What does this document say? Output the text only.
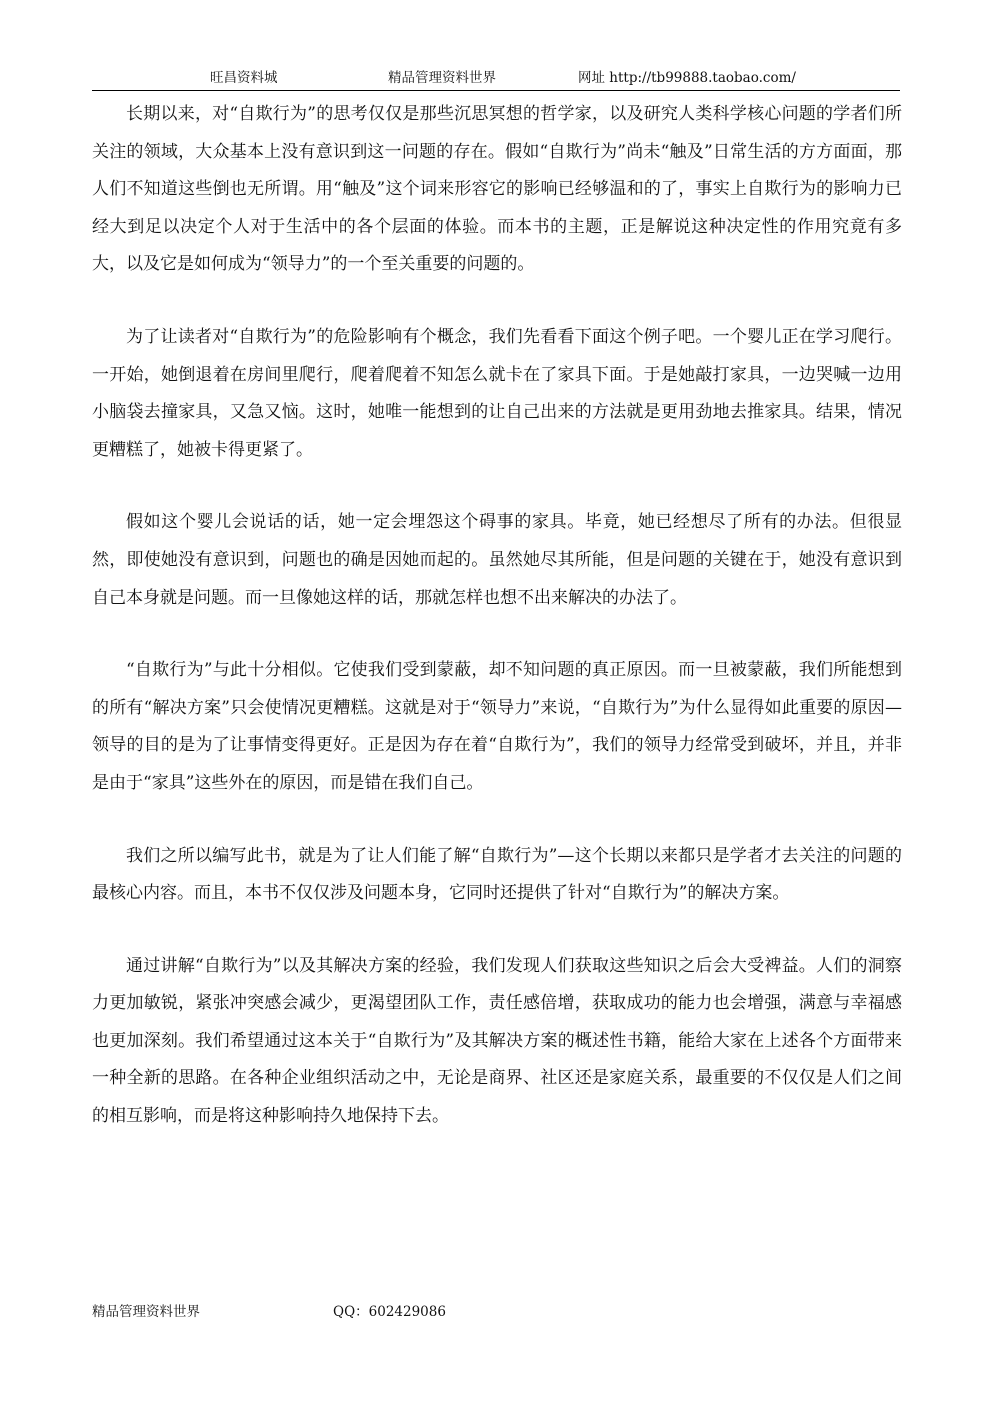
旺昌资料城	精品管理资料世界	网址 http://tb99888.taobao.com/

长期以来，对“自欺行为”的思考仅仅是那些沉思冥想的哲学家，以及研究人类科学核心问题的学者们所关注的领域，大众基本上没有意识到这一问题的存在。假如“自欺行为”尚未“触及”日常生活的方方面面，那人们不知道这些倒也无所谓。用“触及”这个词来形容它的影响已经够温和的了，事实上自欺行为的影响力已经大到足以决定个人对于生活中的各个层面的体验。而本书的主题，正是解说这种决定性的作用究竟有多大，以及它是如何成为“领导力”的一个至关重要的问题的。

为了让读者对“自欺行为”的危险影响有个概念，我们先看看下面这个例子吧。一个婴儿正在学习爬行。一开始，她倒退着在房间里爬行，爬着爬着不知怎么就卡在了家具下面。于是她敲打家具，一边哭喊一边用小脑袋去撞家具，又急又恼。这时，她唯一能想到的让自己出来的方法就是更用劲地去推家具。结果，情况更糟糕了，她被卡得更紧了。

假如这个婴儿会说话的话，她一定会埋怨这个碍事的家具。毕竟，她已经想尽了所有的办法。但很显然，即使她没有意识到，问题也的确是因她而起的。虽然她尽其所能，但是问题的关键在于，她没有意识到自己本身就是问题。而一旦像她这样的话，那就怎样也想不出来解决的办法了。

“自欺行为”与此十分相似。它使我们受到蒙蔽，却不知问题的真正原因。而一旦被蒙蔽，我们所能想到的所有“解决方案”只会使情况更糟糕。这就是对于“领导力”来说，“自欺行为”为什么显得如此重要的原因—领导的目的是为了让事情变得更好。正是因为存在着“自欺行为”，我们的领导力经常受到破坏，并且，并非是由于“家具”这些外在的原因，而是错在我们自己。

我们之所以编写此书，就是为了让人们能了解“自欺行为”—这个长期以来都只是学者才去关注的问题的最核心内容。而且，本书不仅仅涉及问题本身，它同时还提供了针对“自欺行为”的解决方案。

通过讲解“自欺行为”以及其解决方案的经验，我们发现人们获取这些知识之后会大受裨益。人们的洞察力更加敏锐，紧张冲突感会减少，更渴望团队工作，责任感倍增，获取成功的能力也会增强，满意与幸福感也更加深刻。我们希望通过这本关于“自欺行为”及其解决方案的概述性书籍，能给大家在上述各个方面带来一种全新的思路。在各种企业组织活动之中，无论是商界、社区还是家庭关系，最重要的不仅仅是人们之间的相互影响，而是将这种影响持久地保持下去。

精品管理资料世界	QQ：602429086
